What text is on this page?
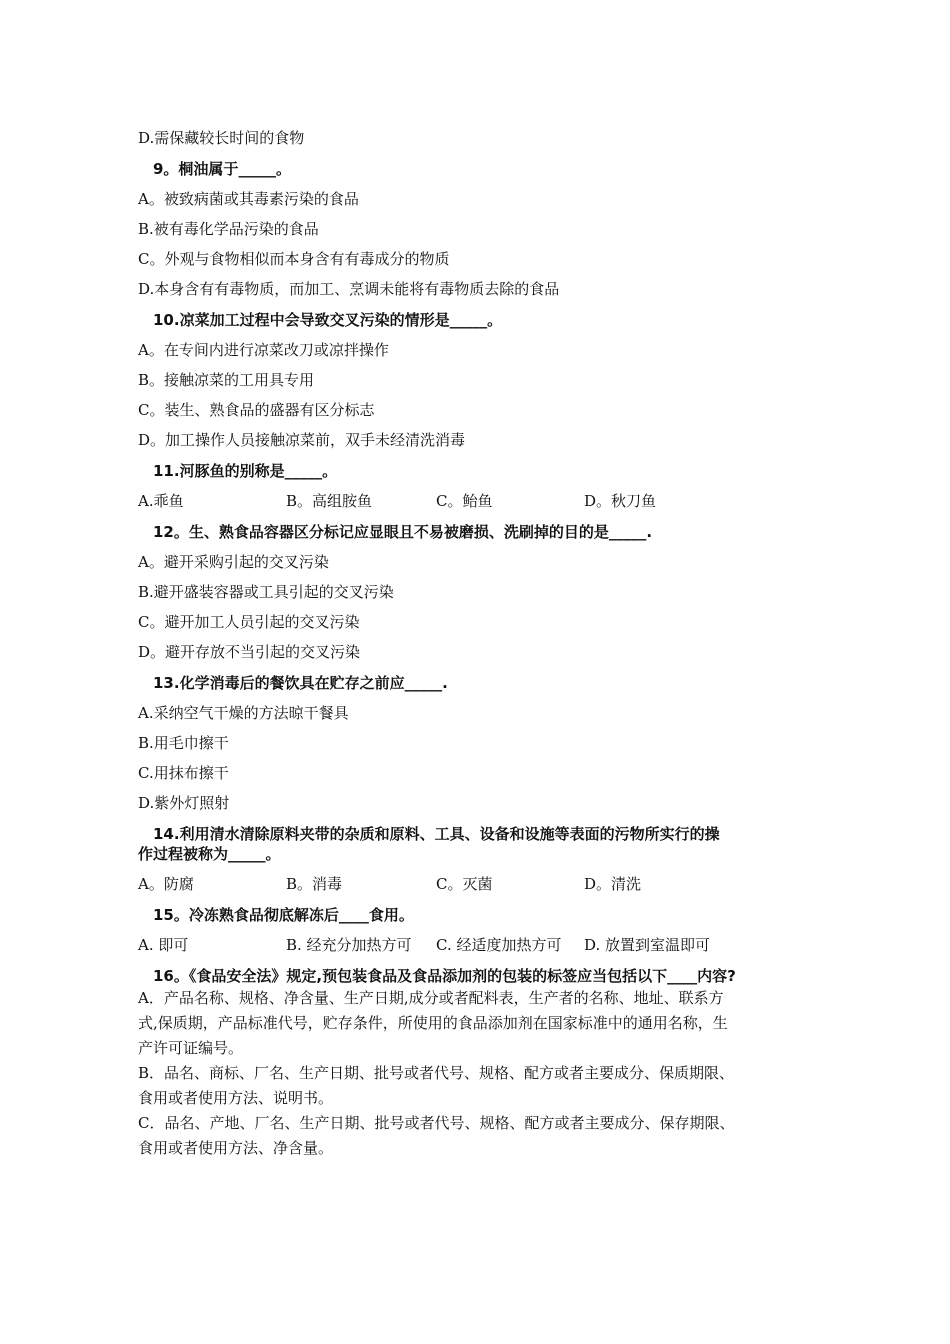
D.需保藏较长时间的食物

9。桐油属于_____。

A。被致病菌或其毒素污染的食品

B.被有毒化学品污染的食品

C。外观与食物相似而本身含有有毒成分的物质

D.本身含有有毒物质，而加工、烹调未能将有毒物质去除的食品

10.凉菜加工过程中会导致交叉污染的情形是_____。

A。在专间内进行凉菜改刀或凉拌操作

B。接触凉菜的工用具专用

C。装生、熟食品的盛器有区分标志

D。加工操作人员接触凉菜前，双手未经清洗消毒

11.河豚鱼的别称是_____。

A.乖鱼	B。高组胺鱼	C。鲐鱼	D。秋刀鱼

12。生、熟食品容器区分标记应显眼且不易被磨损、洗刷掉的目的是_____.

A。避开采购引起的交叉污染

B.避开盛装容器或工具引起的交叉污染

C。避开加工人员引起的交叉污染

D。避开存放不当引起的交叉污染

13.化学消毒后的餐饮具在贮存之前应_____.

A.采纳空气干燥的方法晾干餐具

B.用毛巾擦干

C.用抹布擦干

D.紫外灯照射

14.利用清水清除原料夹带的杂质和原料、工具、设备和设施等表面的污物所实行的操作过程被称为_____。

A。防腐	B。消毒	C。灭菌	D。清洗

15。冷冻熟食品彻底解冻后____食用。

A. 即可	B. 经充分加热方可	C. 经适度加热方可	D. 放置到室温即可

16。《食品安全法》规定,预包装食品及食品添加剂的包装的标签应当包括以下____内容?

A．产品名称、规格、净含量、生产日期,成分或者配料表，生产者的名称、地址、联系方式,保质期，产品标准代号，贮存条件，所使用的食品添加剂在国家标准中的通用名称，生产许可证编号。

B．品名、商标、厂名、生产日期、批号或者代号、规格、配方或者主要成分、保质期限、食用或者使用方法、说明书。

C．品名、产地、厂名、生产日期、批号或者代号、规格、配方或者主要成分、保存期限、食用或者使用方法、净含量。
